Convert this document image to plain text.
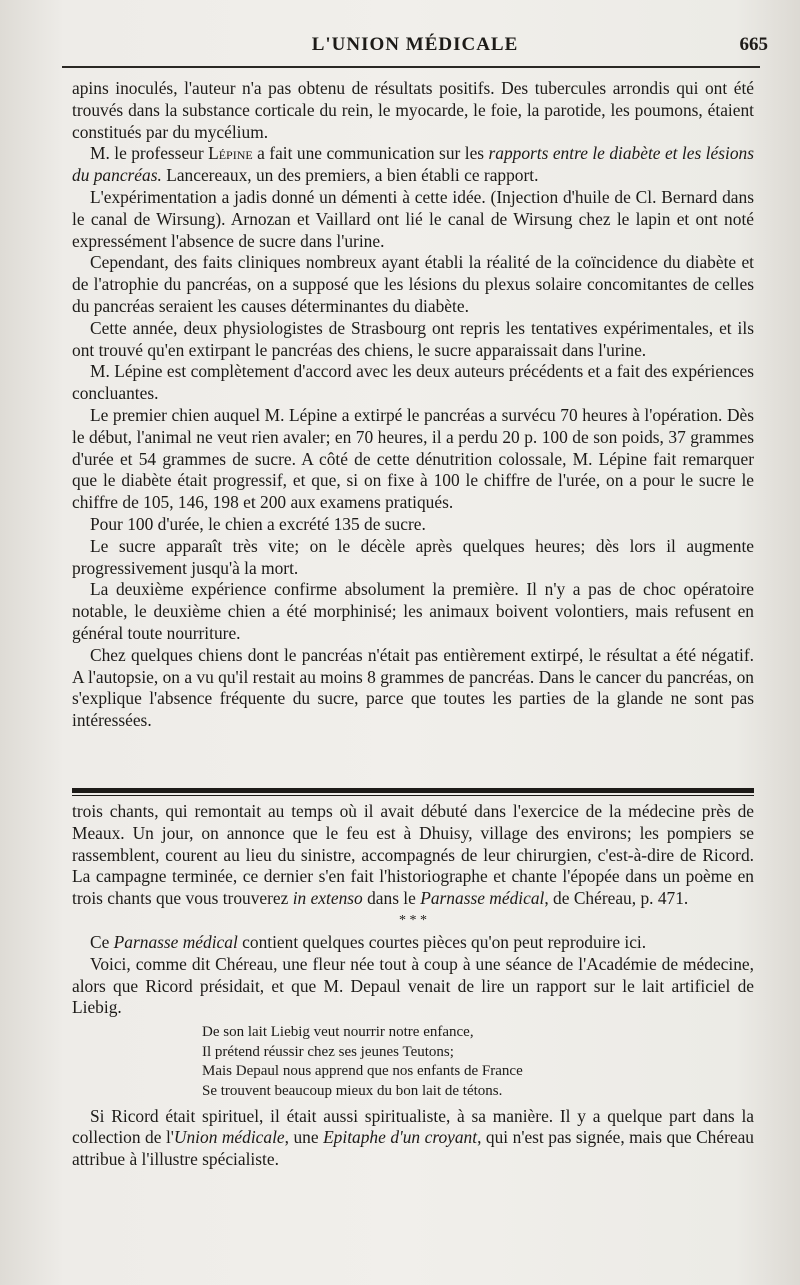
L'UNION MÉDICALE	665

apins inoculés, l'auteur n'a pas obtenu de résultats positifs. Des tubercules arrondis qui ont été trouvés dans la substance corticale du rein, le myocarde, le foie, la parotide, les poumons, étaient constitués par du mycélium.

M. le professeur Lépine a fait une communication sur les rapports entre le diabète et les lésions du pancréas. Lancereaux, un des premiers, a bien établi ce rapport.

L'expérimentation a jadis donné un démenti à cette idée. (Injection d'huile de Cl. Bernard dans le canal de Wirsung). Arnozan et Vaillard ont lié le canal de Wirsung chez le lapin et ont noté expressément l'absence de sucre dans l'urine.

Cependant, des faits cliniques nombreux ayant établi la réalité de la coïncidence du diabète et de l'atrophie du pancréas, on a supposé que les lésions du plexus solaire concomitantes de celles du pancréas seraient les causes déterminantes du diabète.

Cette année, deux physiologistes de Strasbourg ont repris les tentatives expérimentales, et ils ont trouvé qu'en extirpant le pancréas des chiens, le sucre apparaissait dans l'urine.

M. Lépine est complètement d'accord avec les deux auteurs précédents et a fait des expériences concluantes.

Le premier chien auquel M. Lépine a extirpé le pancréas a survécu 70 heures à l'opération. Dès le début, l'animal ne veut rien avaler; en 70 heures, il a perdu 20 p. 100 de son poids, 37 grammes d'urée et 54 grammes de sucre. A côté de cette dénutrition colossale, M. Lépine fait remarquer que le diabète était progressif, et que, si on fixe à 100 le chiffre de l'urée, on a pour le sucre le chiffre de 105, 146, 198 et 200 aux examens pratiqués.

Pour 100 d'urée, le chien a excrété 135 de sucre.

Le sucre apparaît très vite; on le décèle après quelques heures; dès lors il augmente progressivement jusqu'à la mort.

La deuxième expérience confirme absolument la première. Il n'y a pas de choc opératoire notable, le deuxième chien a été morphinisé; les animaux boivent volontiers, mais refusent en général toute nourriture.

Chez quelques chiens dont le pancréas n'était pas entièrement extirpé, le résultat a été négatif. A l'autopsie, on a vu qu'il restait au moins 8 grammes de pancréas. Dans le cancer du pancréas, on s'explique l'absence fréquente du sucre, parce que toutes les parties de la glande ne sont pas intéressées.

trois chants, qui remontait au temps où il avait débuté dans l'exercice de la médecine près de Meaux. Un jour, on annonce que le feu est à Dhuisy, village des environs; les pompiers se rassemblent, courent au lieu du sinistre, accompagnés de leur chirurgien, c'est-à-dire de Ricord. La campagne terminée, ce dernier s'en fait l'historiographe et chante l'épopée dans un poème en trois chants que vous trouverez in extenso dans le Parnasse médical, de Chéreau, p. 471.

* * *

Ce Parnasse médical contient quelques courtes pièces qu'on peut reproduire ici.

Voici, comme dit Chéreau, une fleur née tout à coup à une séance de l'Académie de médecine, alors que Ricord présidait, et que M. Depaul venait de lire un rapport sur le lait artificiel de Liebig.

De son lait Liebig veut nourrir notre enfance,
Il prétend réussir chez ses jeunes Teutons;
Mais Depaul nous apprend que nos enfants de France
Se trouvent beaucoup mieux du bon lait de tétons.

Si Ricord était spirituel, il était aussi spiritualiste, à sa manière. Il y a quelque part dans la collection de l'Union médicale, une Epitaphe d'un croyant, qui n'est pas signée, mais que Chéreau attribue à l'illustre spécialiste.
